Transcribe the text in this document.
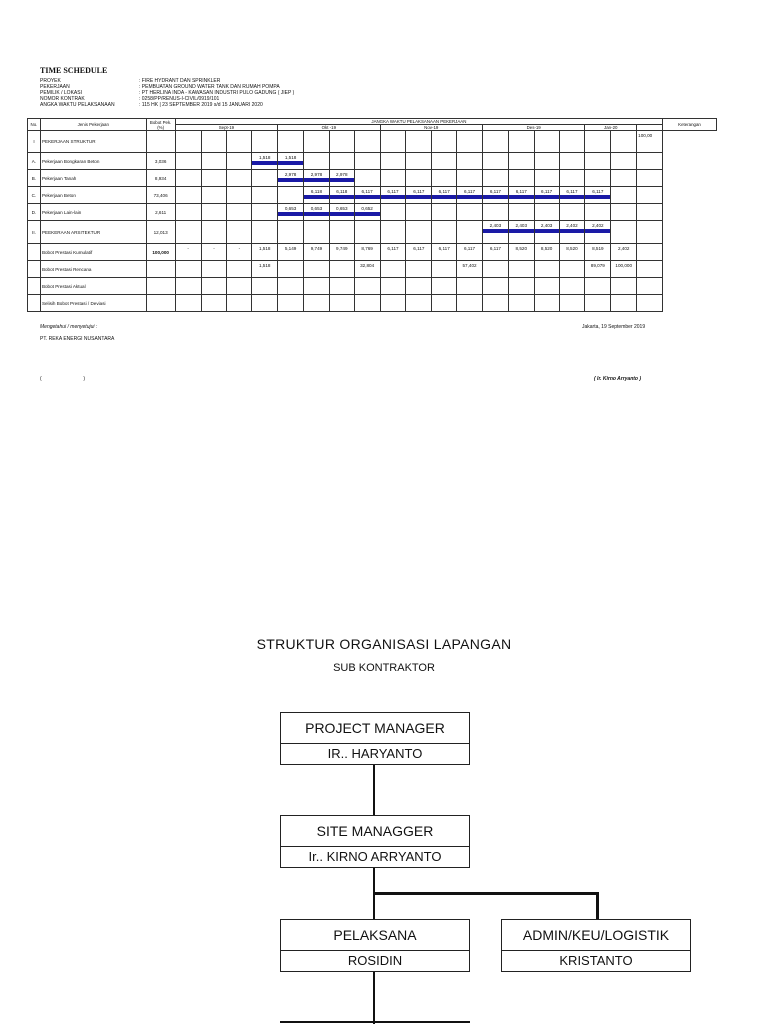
TIME SCHEDULE
PROYEK	: FIRE HYDRANT DAN SPRINKLER
PEKERJAAN	: PEMBUATAN GROUND WATER TANK DAN RUMAH POMPA
PEMILIK / LOKASI	: PT HERLINA INDA - KAWASAN INDUSTRI PULO GADUNG ( JIEP )
NOMOR KONTRAK	: 0258/PP/RENUS-I-CIVIL/0919/101
ANGKA WAKTU PELAKSANAAN	: 115 HK | 23 SEPTEMBER 2019 s/d 15 JANUARI 2020
No.	Jenis Pekerjaan	Bobot Pek. (%)	JANGKA WAKTU PELAKSANAAN PEKERJAAN																			Keterangan
			Sept-19				Okt -19				Nov-19				Des-19				Jan-20			
I	PEKERJAAN STRUKTUR																				100,00	
A.	Pekerjaan Bongkaran Beton	3,036				1,518	1,518	

B.	Pekerjaan Tanah	8,934					2,978	2,978	2,978	

C.	Pekerjaan Beton	73,406						6,118	6,118	6,117	6,117	6,117	6,117	6,117	6,117	6,117	6,117	6,117	6,117	

D.	Pekerjaan Lain-lain	2,611					0,653	0,653	0,653	0,652	

II.	PEEKERAAN ARSITEKTUR	12,013													2,403	2,403	2,403	2,402	2,402	

	Bobot Prestasi Kumulatif	100,000	-	-	-	1,518	5,149	9,749	9,749	8,769	6,117	6,117	6,117	6,117	6,117	8,520	8,520	8,520	8,519	2,402		
	Bobot Prestasi Rencana					1,518				32,804				57,402					89,079	100,000		
	Bobot Prestasi Aktual																					
	Selisih Bobot Prestasi / Deviasi																					
Mengetahui / menyetujui :
PT. REKA ENERGI NUSANTARA
Jakarta, 19 September 2019
(                              )	( Ir. Kirno Arryanto )
STRUKTUR ORGANISASI LAPANGAN
SUB KONTRAKTOR
PROJECT MANAGER
IR.. HARYANTO
SITE MANAGGER
Ir.. KIRNO ARRYANTO
PELAKSANA
ROSIDIN
ADMIN/KEU/LOGISTIK
KRISTANTO
